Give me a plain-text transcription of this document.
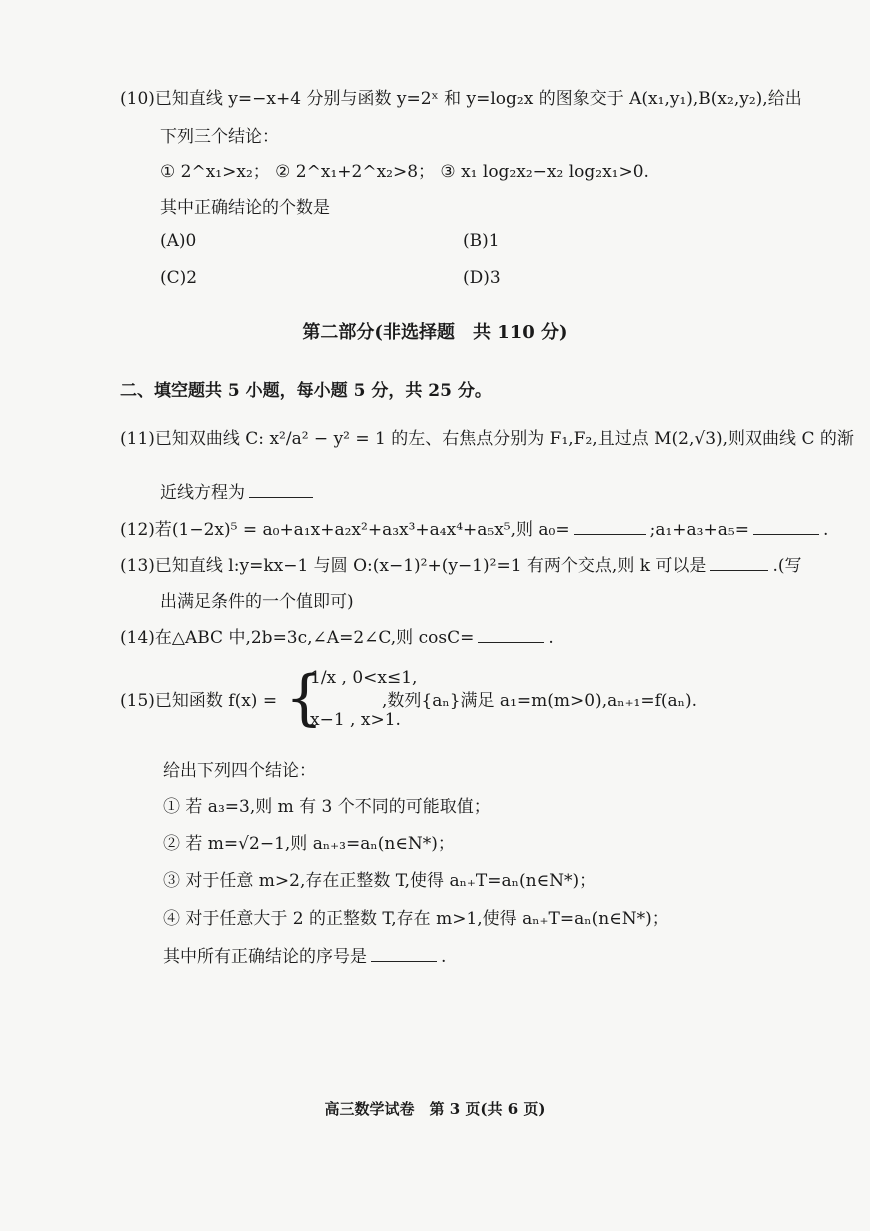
(10)已知直线 y=−x+4 分别与函数 y=2ˣ 和 y=log₂x 的图象交于 A(x₁,y₁),B(x₂,y₂),给出
下列三个结论：
① 2^x₁>x₂； ② 2^x₁+2^x₂>8； ③ x₁ log₂x₂−x₂ log₂x₁>0.
其中正确结论的个数是
(A)0	(B)1
(C)2	(D)3
第二部分(非选择题　共 110 分)
二、填空题共 5 小题，每小题 5 分，共 25 分。
(11)已知双曲线 C: x²/a² − y² = 1 的左、右焦点分别为 F₁,F₂,且过点 M(2,√3),则双曲线 C 的渐
近线方程为
(12)若(1−2x)⁵ = a₀+a₁x+a₂x²+a₃x³+a₄x⁴+a₅x⁵,则 a₀=	;a₁+a₃+a₅=	.
(13)已知直线 l:y=kx−1 与圆 O:(x−1)²+(y−1)²=1 有两个交点,则 k 可以是	.(写
出满足条件的一个值即可)
(14)在△ABC 中,2b=3c,∠A=2∠C,则 cosC=	.
(15)已知函数 f(x) = {
1/x , 0<x≤1,
x−1 , x>1.
,数列{aₙ}满足 a₁=m(m>0),aₙ₊₁=f(aₙ).
给出下列四个结论：
① 若 a₃=3,则 m 有 3 个不同的可能取值；
② 若 m=√2−1,则 aₙ₊₃=aₙ(n∈N*)；
③ 对于任意 m>2,存在正整数 T,使得 aₙ₊T=aₙ(n∈N*)；
④ 对于任意大于 2 的正整数 T,存在 m>1,使得 aₙ₊T=aₙ(n∈N*)；
其中所有正确结论的序号是	.
高三数学试卷　第 3 页(共 6 页)
